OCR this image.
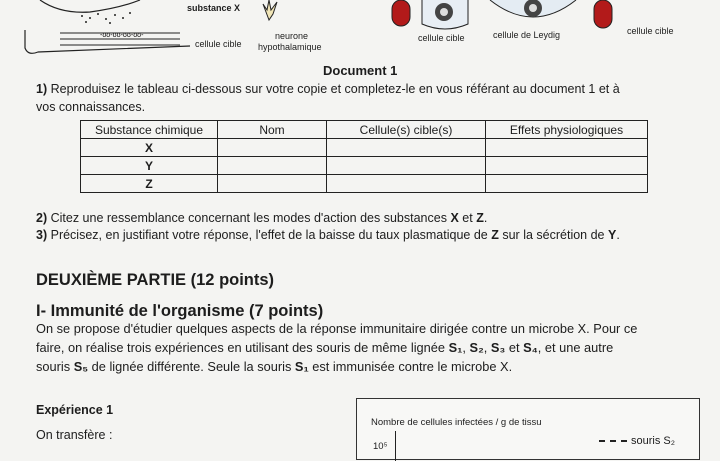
-ʊʊ-ʊʊ-ʊʊ-ʊʊ-
substance X
cellule cible
neurone
hypothalamique
cellule cible	cellule de Leydig	cellule cible
Document 1
1) Reproduisez le tableau ci-dessous sur votre copie et completez-le en vous référant au document 1 et à
vos connaissances.
Substance chimique	Nom	Cellule(s) cible(s)	Effets physiologiques
X			
Y			
Z			
2) Citez une ressemblance concernant les modes d'action des substances X et Z.
3) Précisez, en justifiant votre réponse, l'effet de la baisse du taux plasmatique de Z sur la sécrétion de Y.
DEUXIÈME PARTIE (12 points)
I- Immunité de l'organisme (7 points)
On se propose d'étudier quelques aspects de la réponse immunitaire dirigée contre un microbe X. Pour ce
faire, on réalise trois expériences en utilisant des souris de même lignée S₁, S₂, S₃ et S₄, et une autre
souris S₅ de lignée différente. Seule la souris S₁ est immunisée contre le microbe X.
Expérience 1
On transfère :
Nombre de cellules infectées / g de tissu
10⁵	souris S₂
